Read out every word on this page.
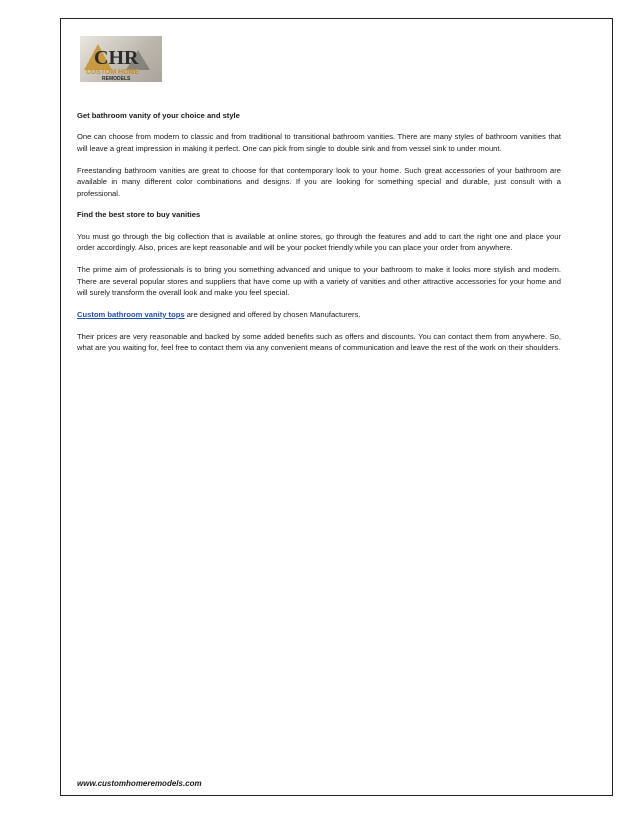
CHR
CUSTOM HOME
REMODELS

Get bathroom vanity of your choice and style

One can choose from modern to classic and from traditional to transitional bathroom vanities. There are many styles of bathroom vanities that will leave a great impression in making it perfect. One can pick from single to double sink and from vessel sink to under mount.

Freestanding bathroom vanities are great to choose for that contemporary look to your home. Such great accessories of your bathroom are available in many different color combinations and designs. If you are looking for something special and durable, just consult with a professional.

Find the best store to buy vanities

You must go through the big collection that is available at online stores, go through the features and add to cart the right one and place your order accordingly. Also, prices are kept reasonable and will be your pocket friendly while you can place your order from anywhere.

The prime aim of professionals is to bring you something advanced and unique to your bathroom to make it looks more stylish and modern. There are several popular stores and suppliers that have come up with a variety of vanities and other attractive accessories for your home and will surely transform the overall look and make you feel special.

Custom bathroom vanity tops are designed and offered by chosen Manufacturers.

Their prices are very reasonable and backed by some added benefits such as offers and discounts. You can contact them from anywhere. So, what are you waiting for, feel free to contact them via any convenient means of communication and leave the rest of the work on their shoulders.

www.customhomeremodels.com
